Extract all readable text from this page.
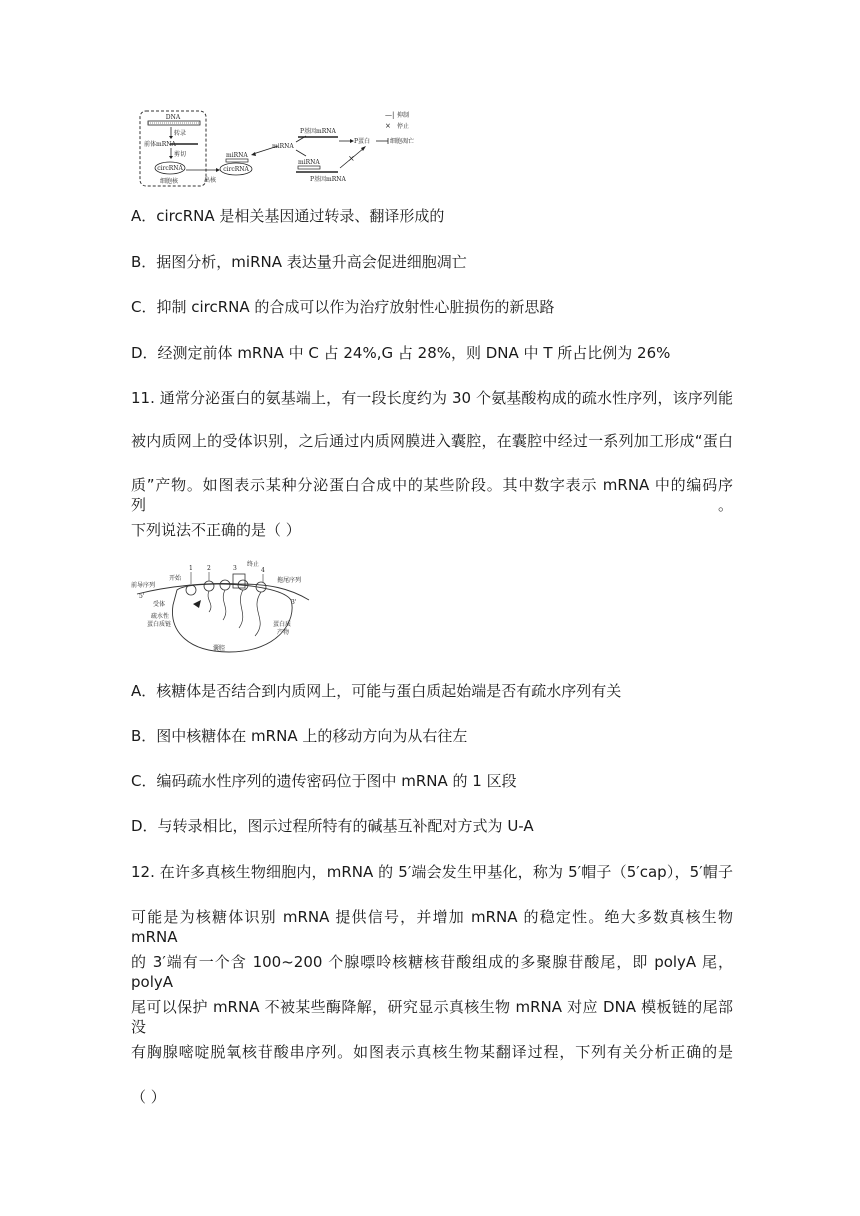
DNA
转录
前体mRNA
剪切
circRNA
细胞核	出核
miRNA
circRNA
miRNA
P基因mRNA
P蛋白	细胞凋亡
miRNA
P基因mRNA
×
—| 抑制
× 停止
A．circRNA 是相关基因通过转录、翻译形成的
B．据图分析，miRNA 表达量升高会促进细胞凋亡
C．抑制 circRNA 的合成可以作为治疗放射性心脏损伤的新思路
D．经测定前体 mRNA 中 C 占 24%,G 占 28%，则 DNA 中 T 所占比例为 26%
11. 通常分泌蛋白的氨基端上，有一段长度约为 30 个氨基酸构成的疏水性序列，该序列能
被内质网上的受体识别，之后通过内质网膜进入囊腔，在囊腔中经过一系列加工形成“蛋白
质”产物。如图表示某种分泌蛋白合成中的某些阶段。其中数字表示 mRNA 中的编码序列。
下列说法不正确的是（ ）
1 2	3	4
前导序列
5'
开始
终止
拖尾序列
3'
受体
疏水性
蛋白质链	蛋白质
产物
囊腔
A．核糖体是否结合到内质网上，可能与蛋白质起始端是否有疏水序列有关
B．图中核糖体在 mRNA 上的移动方向为从右往左
C．编码疏水性序列的遗传密码位于图中 mRNA 的 1 区段
D．与转录相比，图示过程所特有的碱基互补配对方式为 U-A
12. 在许多真核生物细胞内，mRNA 的 5′端会发生甲基化，称为 5′帽子（5′cap），5′帽子
可能是为核糖体识别 mRNA 提供信号，并增加 mRNA 的稳定性。绝大多数真核生物 mRNA
的 3′端有一个含 100~200 个腺嘌呤核糖核苷酸组成的多聚腺苷酸尾，即 polyA 尾，polyA
尾可以保护 mRNA 不被某些酶降解，研究显示真核生物 mRNA 对应 DNA 模板链的尾部没
有胸腺嘧啶脱氧核苷酸串序列。如图表示真核生物某翻译过程，下列有关分析正确的是
（ ）
